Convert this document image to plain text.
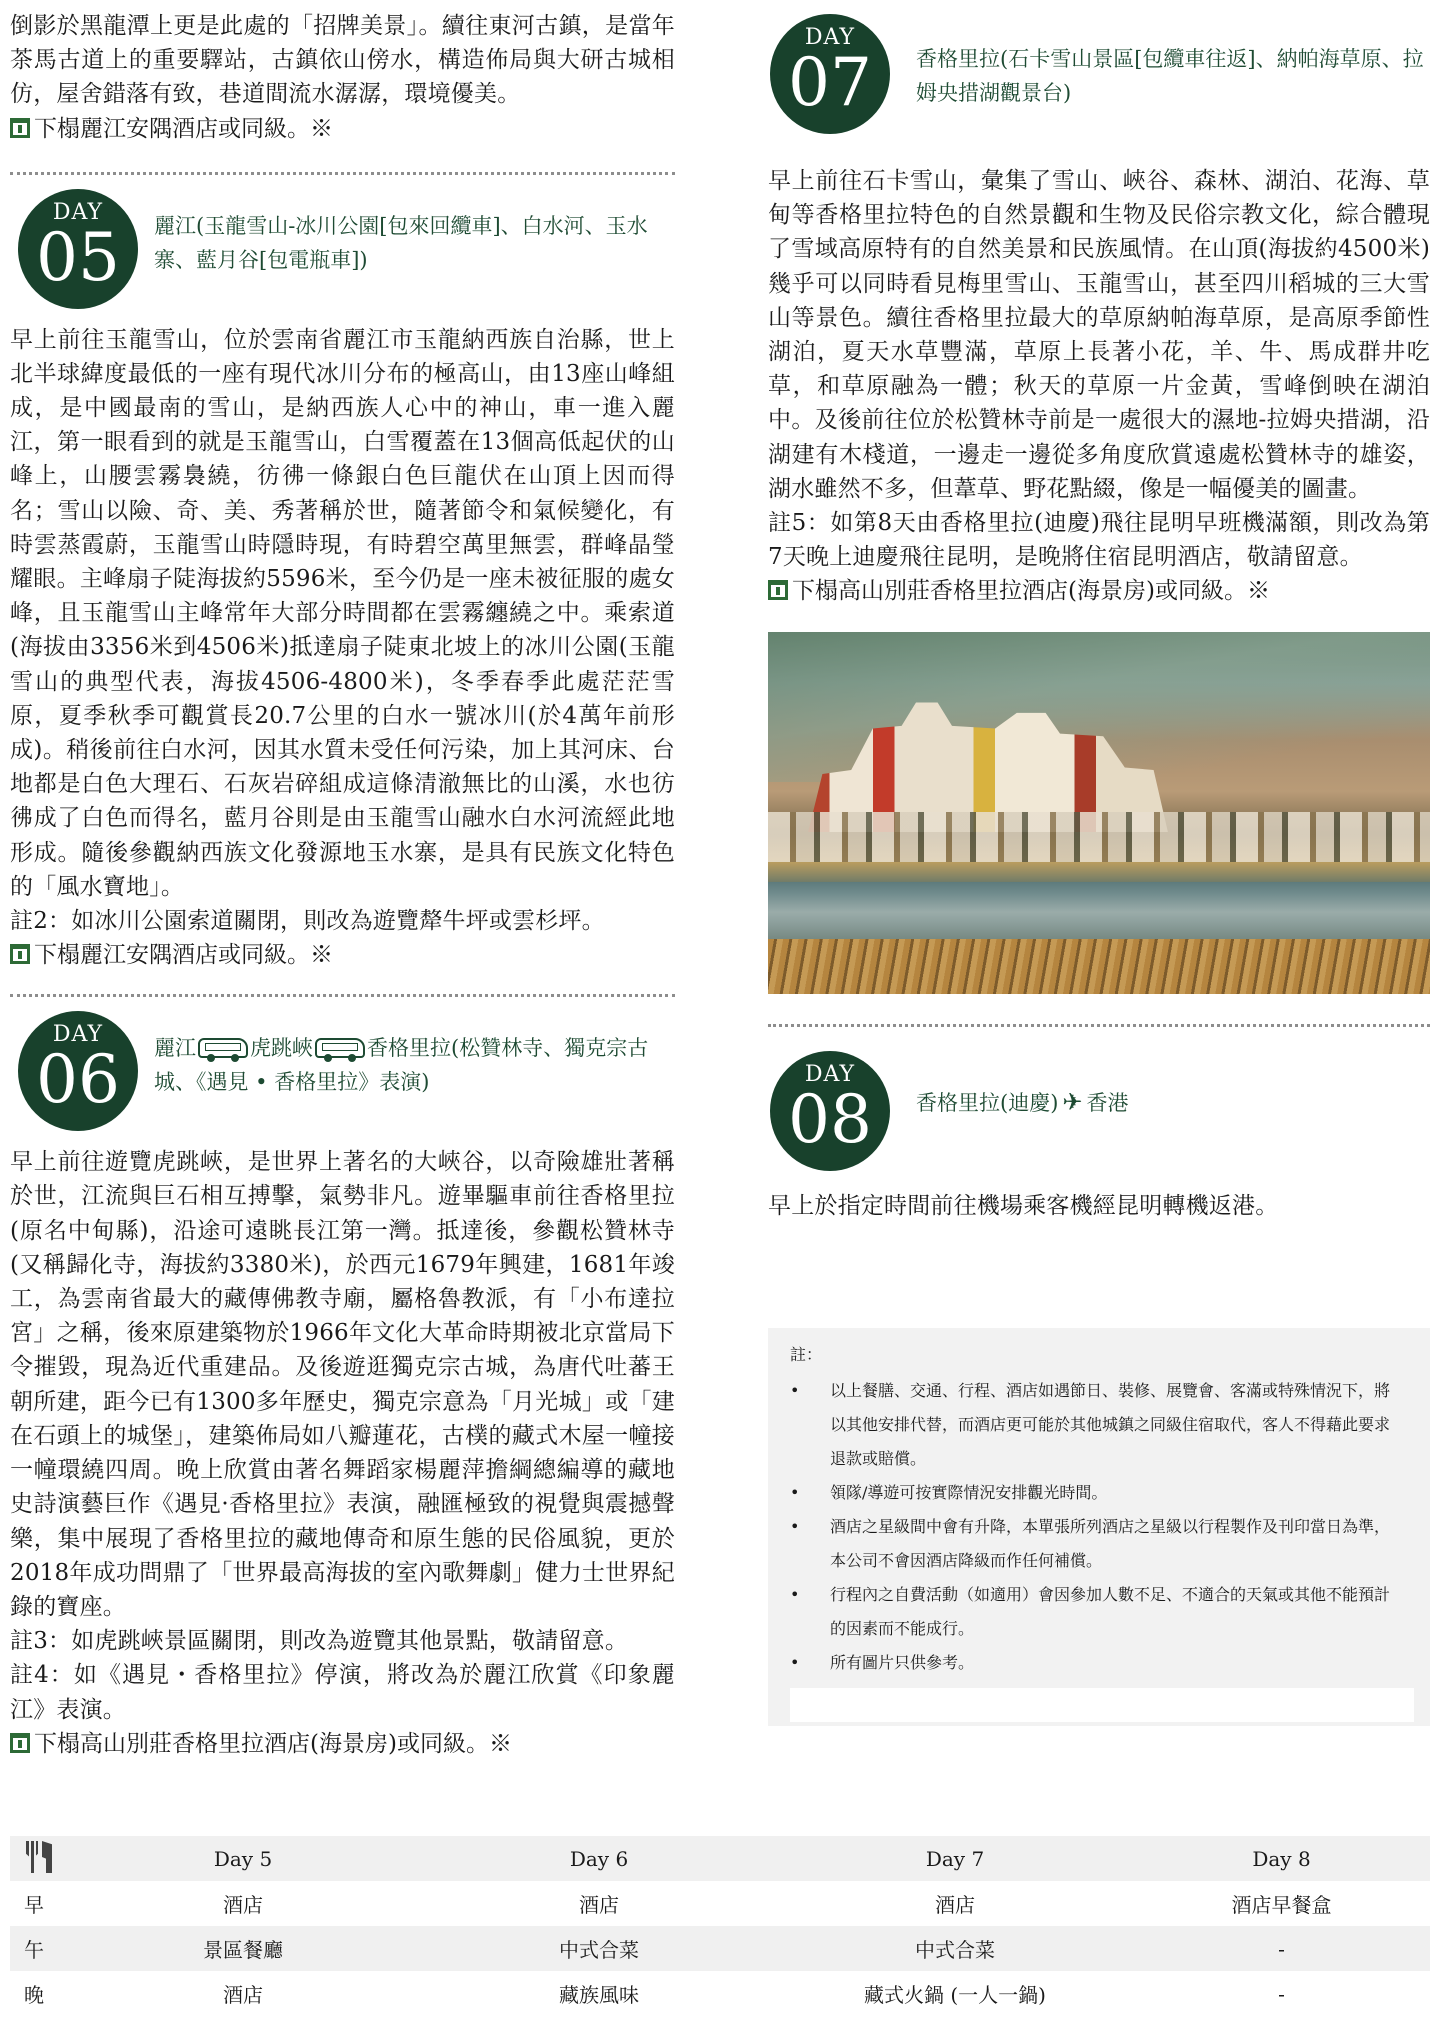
倒影於黑龍潭上更是此處的「招牌美景」。續往東河古鎮，是當年茶馬古道上的重要驛站，古鎮依山傍水，構造佈局與大研古城相仿，屋舍錯落有致，巷道間流水潺潺，環境優美。

下榻麗江安隅酒店或同級。※
DAY
05	麗江(玉龍雪山-冰川公園[包來回纜車]、白水河、玉水寨、藍月谷[包電瓶車])

早上前往玉龍雪山，位於雲南省麗江市玉龍納西族自治縣，世上北半球緯度最低的一座有現代冰川分布的極高山，由13座山峰組成，是中國最南的雪山，是納西族人心中的神山，車一進入麗江，第一眼看到的就是玉龍雪山，白雪覆蓋在13個高低起伏的山峰上，山腰雲霧裊繞，彷彿一條銀白色巨龍伏在山頂上因而得名；雪山以險、奇、美、秀著稱於世，隨著節令和氣候變化，有時雲蒸霞蔚，玉龍雪山時隱時現，有時碧空萬里無雲，群峰晶瑩耀眼。主峰扇子陡海拔約5596米，至今仍是一座未被征服的處女峰，且玉龍雪山主峰常年大部分時間都在雲霧纏繞之中。乘索道(海拔由3356米到4506米)抵達扇子陡東北坡上的冰川公園(玉龍雪山的典型代表，海拔4506-4800米)，冬季春季此處茫茫雪原，夏季秋季可觀賞長20.7公里的白水一號冰川(於4萬年前形成)。稍後前往白水河，因其水質未受任何污染，加上其河床、台地都是白色大理石、石灰岩碎組成這條清澈無比的山溪，水也彷彿成了白色而得名，藍月谷則是由玉龍雪山融水白水河流經此地形成。隨後參觀納西族文化發源地玉水寨，是具有民族文化特色的「風水寶地」。

註2：如冰川公園索道關閉，則改為遊覽犛牛坪或雲杉坪。

下榻麗江安隅酒店或同級。※
DAY
06	麗江	虎跳峽	香格里拉(松贊林寺、獨克宗古城、《遇見 • 香格里拉》表演)

早上前往遊覽虎跳峽，是世界上著名的大峽谷，以奇險雄壯著稱於世，江流與巨石相互搏擊，氣勢非凡。遊畢驅車前往香格里拉(原名中甸縣)，沿途可遠眺長江第一灣。抵達後，參觀松贊林寺(又稱歸化寺，海拔約3380米)，於西元1679年興建，1681年竣工，為雲南省最大的藏傳佛教寺廟，屬格魯教派，有「小布達拉宮」之稱，後來原建築物於1966年文化大革命時期被北京當局下令摧毀，現為近代重建品。及後遊逛獨克宗古城，為唐代吐蕃王朝所建，距今已有1300多年歷史，獨克宗意為「月光城」或「建在石頭上的城堡」，建築佈局如八瓣蓮花，古樸的藏式木屋一幢接一幢環繞四周。晚上欣賞由著名舞蹈家楊麗萍擔綱總編導的藏地史詩演藝巨作《遇見·香格里拉》表演，融匯極致的視覺與震撼聲樂，集中展現了香格里拉的藏地傳奇和原生態的民俗風貌，更於2018年成功問鼎了「世界最高海拔的室內歌舞劇」健力士世界紀錄的寶座。

註3：如虎跳峽景區關閉，則改為遊覽其他景點，敬請留意。

註4：如《遇見・香格里拉》停演，將改為於麗江欣賞《印象麗江》表演。

下榻高山別莊香格里拉酒店(海景房)或同級。※
DAY
07	香格里拉(石卡雪山景區[包纜車往返]、納帕海草原、拉姆央措湖觀景台)

早上前往石卡雪山，彙集了雪山、峽谷、森林、湖泊、花海、草甸等香格里拉特色的自然景觀和生物及民俗宗教文化，綜合體現了雪域高原特有的自然美景和民族風情。在山頂(海拔約4500米)幾乎可以同時看見梅里雪山、玉龍雪山，甚至四川稻城的三大雪山等景色。續往香格里拉最大的草原納帕海草原，是高原季節性湖泊，夏天水草豐滿，草原上長著小花，羊、牛、馬成群井吃草，和草原融為一體；秋天的草原一片金黃，雪峰倒映在湖泊中。及後前往位於松贊林寺前是一處很大的濕地-拉姆央措湖，沿湖建有木棧道，一邊走一邊從多角度欣賞遠處松贊林寺的雄姿，湖水雖然不多，但葦草、野花點綴，像是一幅優美的圖畫。

註5：如第8天由香格里拉(迪慶)飛往昆明早班機滿額，則改為第7天晚上迪慶飛往昆明，是晚將住宿昆明酒店，敬請留意。

下榻高山別莊香格里拉酒店(海景房)或同級。※
DAY
08	香格里拉(迪慶) ✈ 香港

早上於指定時間前往機場乘客機經昆明轉機返港。

註：
• 以上餐膳、交通、行程、酒店如遇節日、裝修、展覽會、客滿或特殊情況下，將以其他安排代替，而酒店更可能於其他城鎮之同級住宿取代，客人不得藉此要求退款或賠償。
• 領隊/導遊可按實際情況安排觀光時間。
• 酒店之星級間中會有升降，本單張所列酒店之星級以行程製作及刊印當日為準，本公司不會因酒店降級而作任何補償。
• 行程內之自費活動（如適用）會因參加人數不足、不適合的天氣或其他不能預計的因素而不能成行。
• 所有圖片只供參考。
Day 5	Day 6	Day 7	Day 8
早	酒店	酒店	酒店	酒店早餐盒
午	景區餐廳	中式合菜	中式合菜	-
晚	酒店	藏族風味	藏式火鍋 (一人一鍋)	-
